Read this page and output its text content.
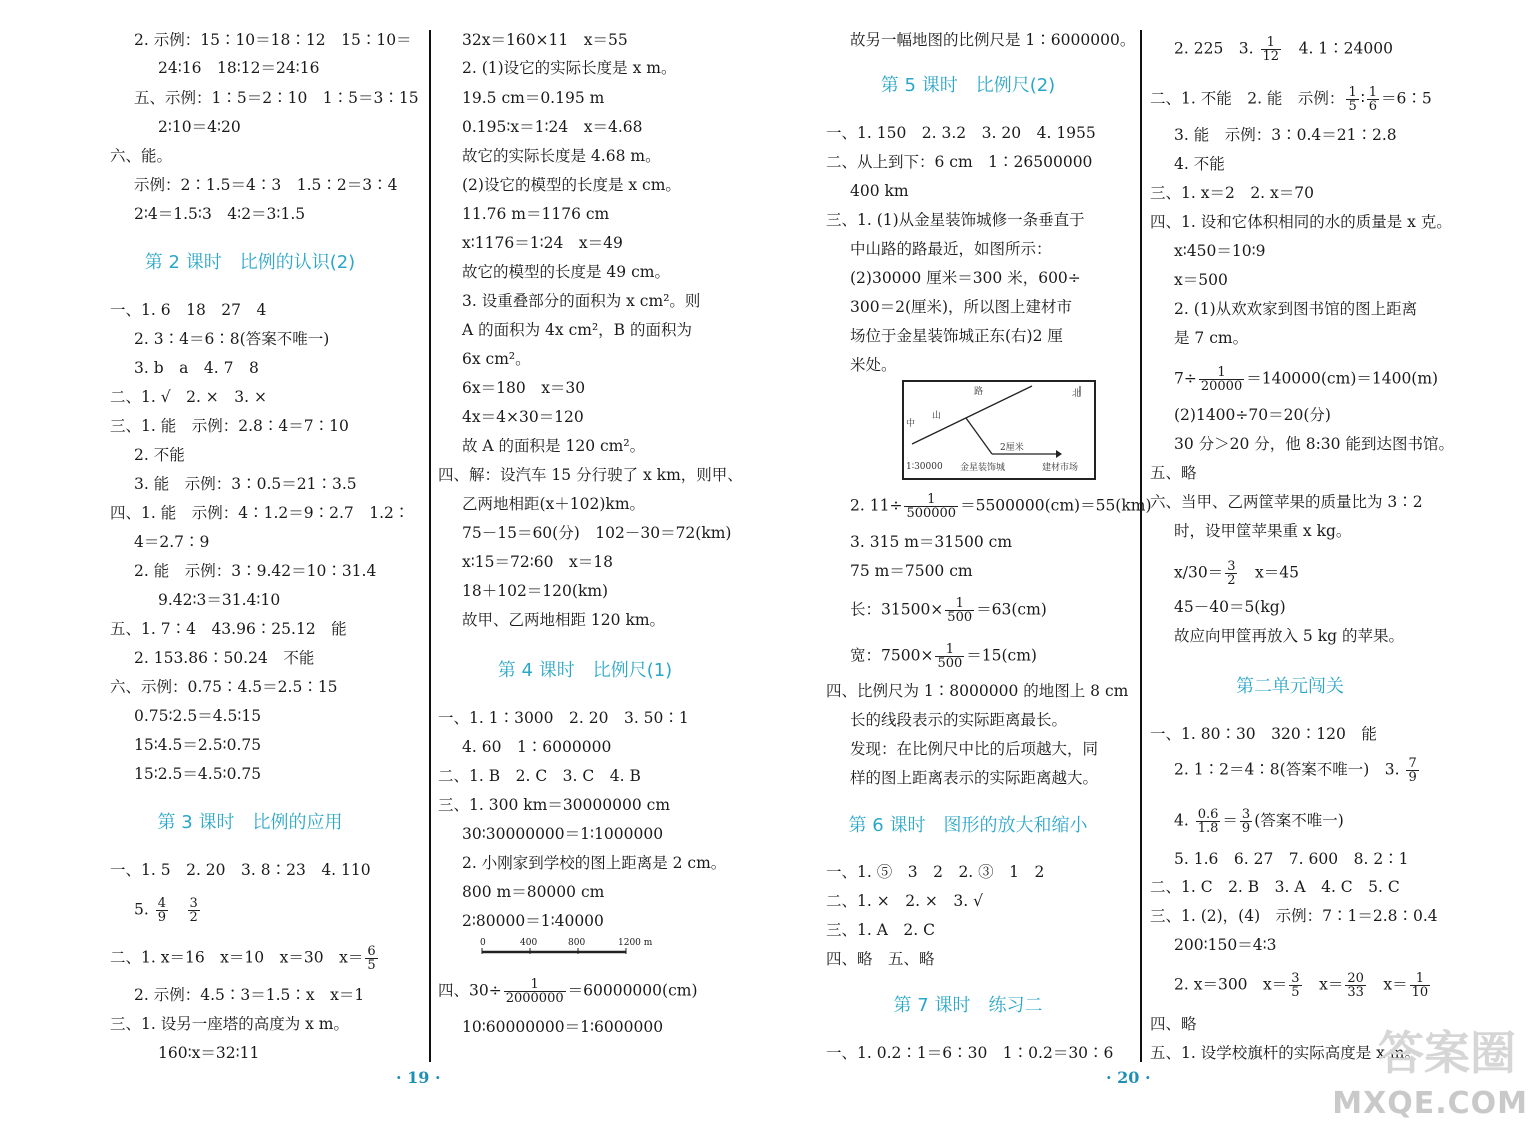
2. 示例：15∶10＝18∶12　15∶10＝
24∶16　18∶12＝24∶16
五、示例：1∶5＝2∶10　1∶5＝3∶15
2∶10＝4∶20
六、能。
示例：2∶1.5＝4∶3　1.5∶2＝3∶4
2∶4＝1.5∶3　4∶2＝3∶1.5
第 2 课时　比例的认识(2)
一、1. 6　18　27　4
2. 3∶4＝6∶8(答案不唯一)
3. b　a　4. 7　8
二、1. √　2. ×　3. ×
三、1. 能　示例：2.8∶4＝7∶10
2. 不能
3. 能　示例：3∶0.5＝21∶3.5
四、1. 能　示例：4∶1.2＝9∶2.7　1.2∶
4＝2.7∶9
2. 能　示例：3∶9.42＝10∶31.4
9.42∶3＝31.4∶10
五、1. 7∶4　43.96∶25.12　能
2. 153.86∶50.24　不能
六、示例：0.75∶4.5＝2.5∶15
0.75∶2.5＝4.5∶15
15∶4.5＝2.5∶0.75
15∶2.5＝4.5∶0.75
第 3 课时　比例的应用
一、1. 5　2. 20　3. 8∶23　4. 110
5. $\frac{4}{9}$
　 $\frac{3}{2}$
二、1. x＝16　x＝10　x＝30　$x= \frac{6}{5}$
2. 示例：4.5∶3＝1.5∶x　x＝1
三、1. 设另一座塔的高度为 x m。
160∶x＝32∶11
32x＝160×11　x＝55
2. (1)设它的实际长度是 x m。
19.5 cm＝0.195 m
0.195∶x＝1∶24　x＝4.68
故它的实际长度是 4.68 m。
(2)设它的模型的长度是 x cm。
11.76 m＝1176 cm
x∶1176＝1∶24　x＝49
故它的模型的长度是 49 cm。
3. 设重叠部分的面积为 x cm²。则
A 的面积为 4x cm²，B 的面积为
6x cm²。
6x＝180　x＝30
4x＝4×30＝120
故 A 的面积是 120 cm²。
四、解：设汽车 15 分行驶了 x km，则甲、
乙两地相距(x＋102)km。
75－15＝60(分)　102－30＝72(km)
x∶15＝72∶60　x＝18
18＋102＝120(km)
故甲、乙两地相距 120 km。
第 4 课时　比例尺(1)
一、1. 1∶3000　2. 20　3. 50∶1
4. 60　1∶6000000
二、1. B　2. C　3. C　4. B
三、1. 300 km＝30000000 cm
30∶30000000＝1∶1000000
2. 小刚家到学校的图上距离是 2 cm。
800 m＝80000 cm
2∶80000＝1∶40000
四、$30\div \frac{1}{2000000} =60000000(cm)$
10∶60000000＝1∶6000000
0	400	800	1200 m
故另一幅地图的比例尺是 1∶6000000。
第 5 课时　比例尺(2)
一、1. 150　2. 3.2　3. 20　4. 1955
二、从上到下：6 cm　1∶26500000
400 km
三、1. (1)从金星装饰城修一条垂直于
中山路的路最近，如图所示：
(2)30000 厘米＝300 米，600÷
300＝2(厘米)，所以图上建材市
场位于金星装饰城正东(右)2 厘
米处。
2. $11\div \frac{1}{500000} =5500000(cm)=55(km)$
3. 315 m＝31500 cm
75 m＝7500 cm
长：$31500\times \frac{1}{500} =63(cm)$
宽：$7500\times \frac{1}{500} =15(cm)$
四、比例尺为 1∶8000000 的地图上 8 cm
长的线段表示的实际距离最长。
发现：在比例尺中比的后项越大，同
样的图上距离表示的实际距离越大。
第 6 课时　图形的放大和缩小
一、1. ⑤　3　2　2. ③　1　2
二、1. ×　2. ×　3. √
三、1. A　2. C
四、略　五、略
第 7 课时　练习二
一、1. 0.2∶1＝6∶30　1∶0.2＝30∶6
路
山
北
中
2厘米
1∶30000 金星装饰城	建材市场
2. 225　3. $\frac{1}{12}$ 　4. 1∶24000
二、1. 不能　2. 能　示例： $\frac{1}{5}$ ∶ $\frac{1}{6}$ ＝6∶5
3. 能　示例：3∶0.4＝21∶2.8
4. 不能
三、1. x＝2　2. x＝70
四、1. 设和它体积相同的水的质量是 x 克。
x∶450＝10∶9
x＝500
2. (1)从欢欢家到图书馆的图上距离
是 7 cm。
$7\div \frac{1}{20000} =140000(cm)=1400(m)$
(2)1400÷70＝20(分)
30 分＞20 分，他 8:30 能到达图书馆。
五、略
六、当甲、乙两筐苹果的质量比为 3∶2
时，设甲筐苹果重 x kg。
$x/30= \frac{3}{2}$ 　x＝45
45－40＝5(kg)
故应向甲筐再放入 5 kg 的苹果。
第二单元闯关
一、1. 80∶30　320∶120　能
2. 1∶2＝4∶8(答案不唯一)　3. $\frac{7}{9}$
4. $\frac{0.6}{1.8} = \frac{3}{9}$ (答案不唯一)
5. 1.6　6. 27　7. 600　8. 2∶1
二、1. C　2. B　3. A　4. C　5. C
三、1. (2)，(4)　示例：7∶1＝2.8∶0.4
200∶150＝4∶3
2. x＝300　$x= \frac{3}{5}$ 　$x= \frac{20}{33}$ 　$x= \frac{1}{10}$
四、略
五、1. 设学校旗杆的实际高度是 x m。
· 19 ·	· 20 ·	答案圈
MXQE.COM
